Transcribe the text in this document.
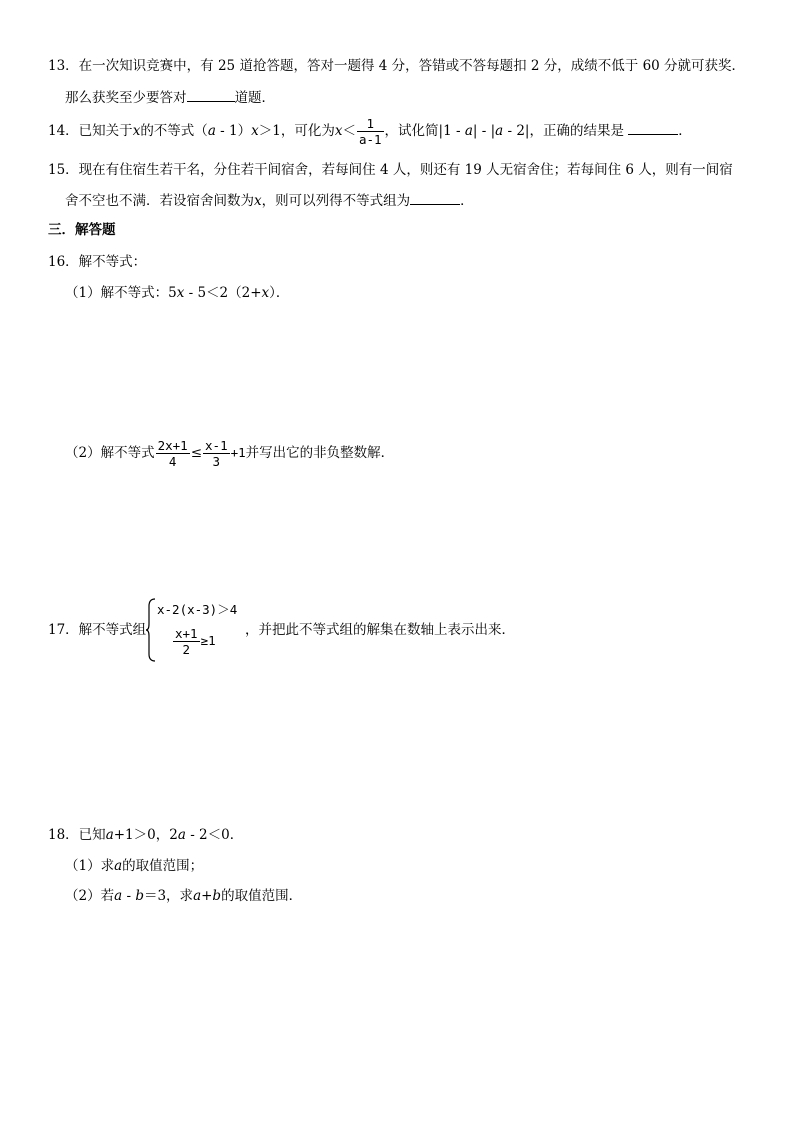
13．在一次知识竞赛中，有 25 道抢答题，答对一题得 4 分，答错或不答每题扣 2 分，成绩不低于 60 分就可获奖．
那么获奖至少要答对	道题．
14．已知关于x的不等式（a - 1）x＞1，可化为$x< \frac{1}{a-1}$ ，试化简|1 - a| - |a - 2|，正确的结果是	．
15．现在有住宿生若干名，分住若干间宿舍，若每间住 4 人，则还有 19 人无宿舍住；若每间住 6 人，则有一间宿
舍不空也不满．若设宿舍间数为x，则可以列得不等式组为	．
三．解答题
16．解不等式：
（1）解不等式：5x - 5＜2（2+x）．
（2）解不等式 $\frac{2x+1}{4} \le \frac{x-1}{3} +1$并写出它的非负整数解．
17．解不等式组
x-2(x-3)＞4
$\frac{x+1}{2} \ge 1$
，并把此不等式组的解集在数轴上表示出来．
18．已知a+1＞0，2a - 2＜0．
（1）求a的取值范围；
（2）若a - b＝3，求a+b的取值范围．
